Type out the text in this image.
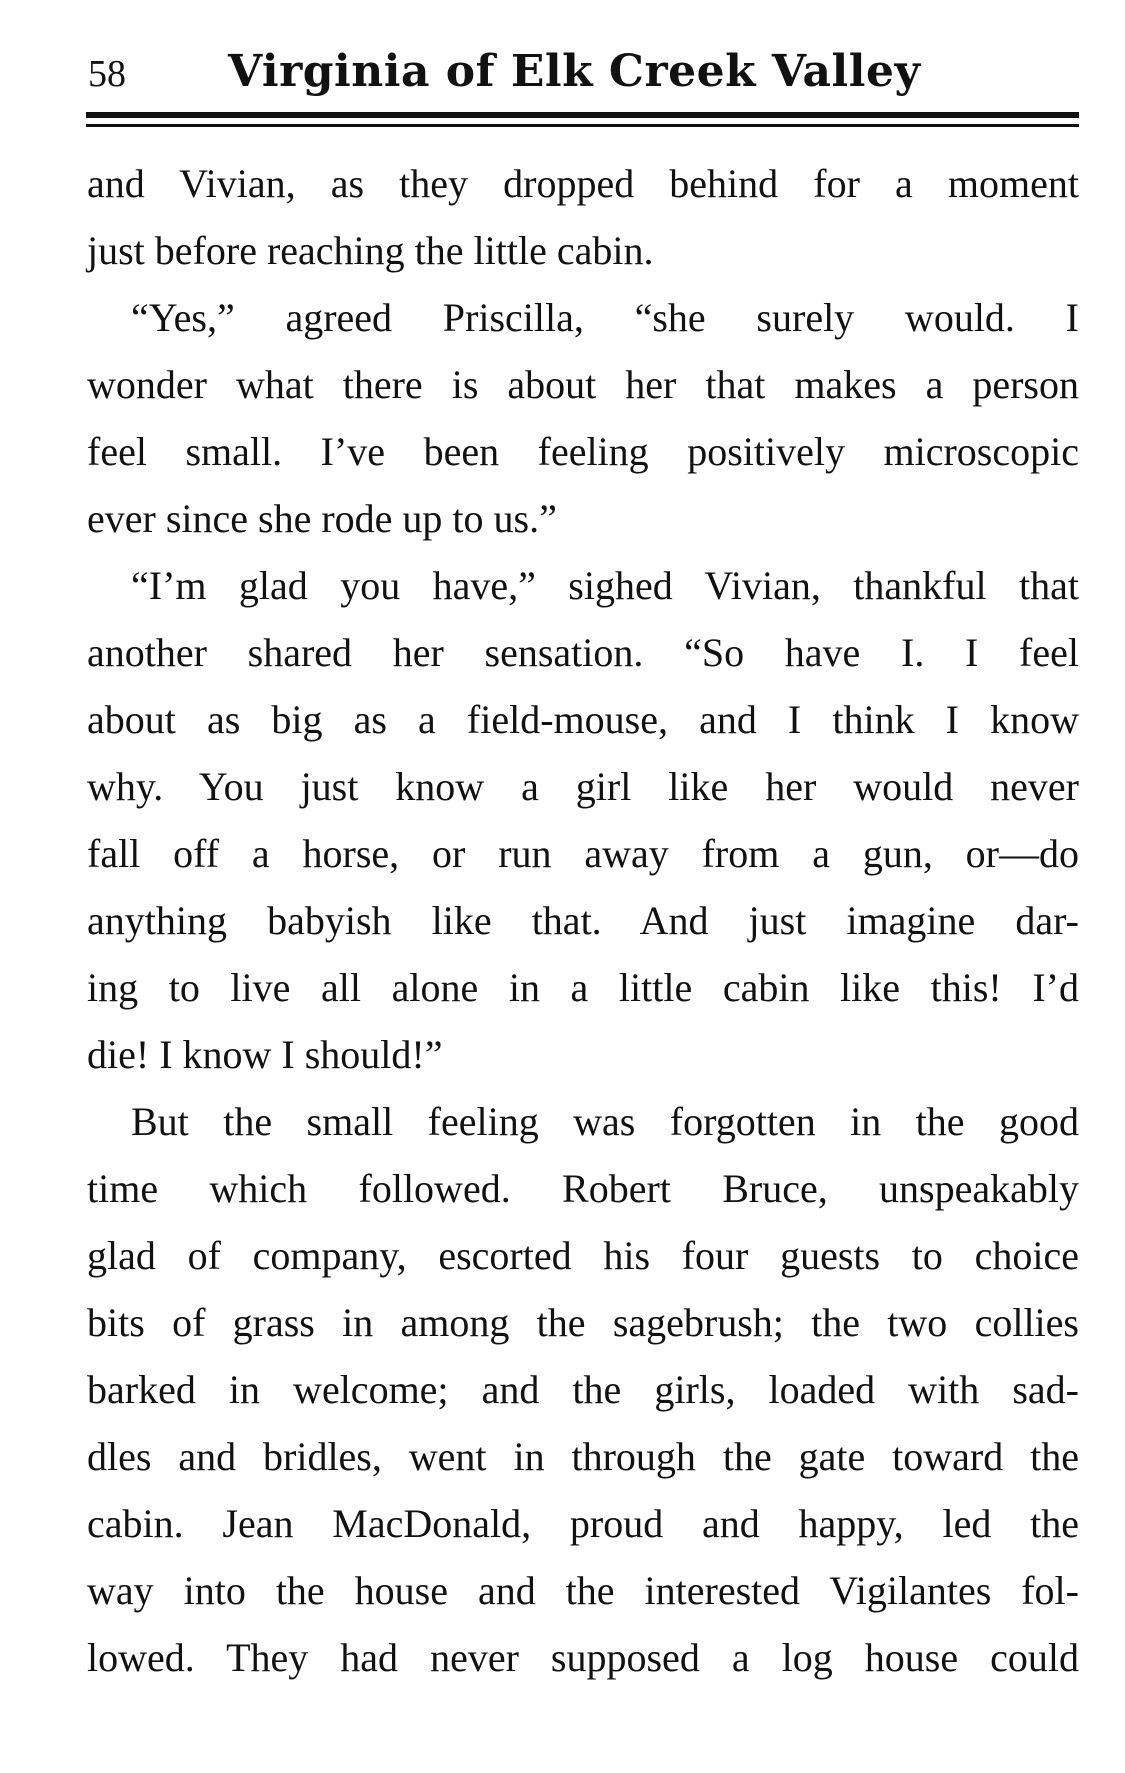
58 Virginia of Elk Creek Valley
and Vivian, as they dropped behind for a moment
just before reaching the little cabin.
“Yes,” agreed Priscilla, “she surely would. I
wonder what there is about her that makes a person
feel small. I’ve been feeling positively microscopic
ever since she rode up to us.”
“I’m glad you have,” sighed Vivian, thankful that
another shared her sensation. “So have I. I feel
about as big as a field-mouse, and I think I know
why. You just know a girl like her would never
fall off a horse, or run away from a gun, or—do
anything babyish like that. And just imagine dar-
ing to live all alone in a little cabin like this! I’d
die! I know I should!”
But the small feeling was forgotten in the good
time which followed. Robert Bruce, unspeakably
glad of company, escorted his four guests to choice
bits of grass in among the sagebrush; the two collies
barked in welcome; and the girls, loaded with sad-
dles and bridles, went in through the gate toward the
cabin. Jean MacDonald, proud and happy, led the
way into the house and the interested Vigilantes fol-
lowed. They had never supposed a log house could
